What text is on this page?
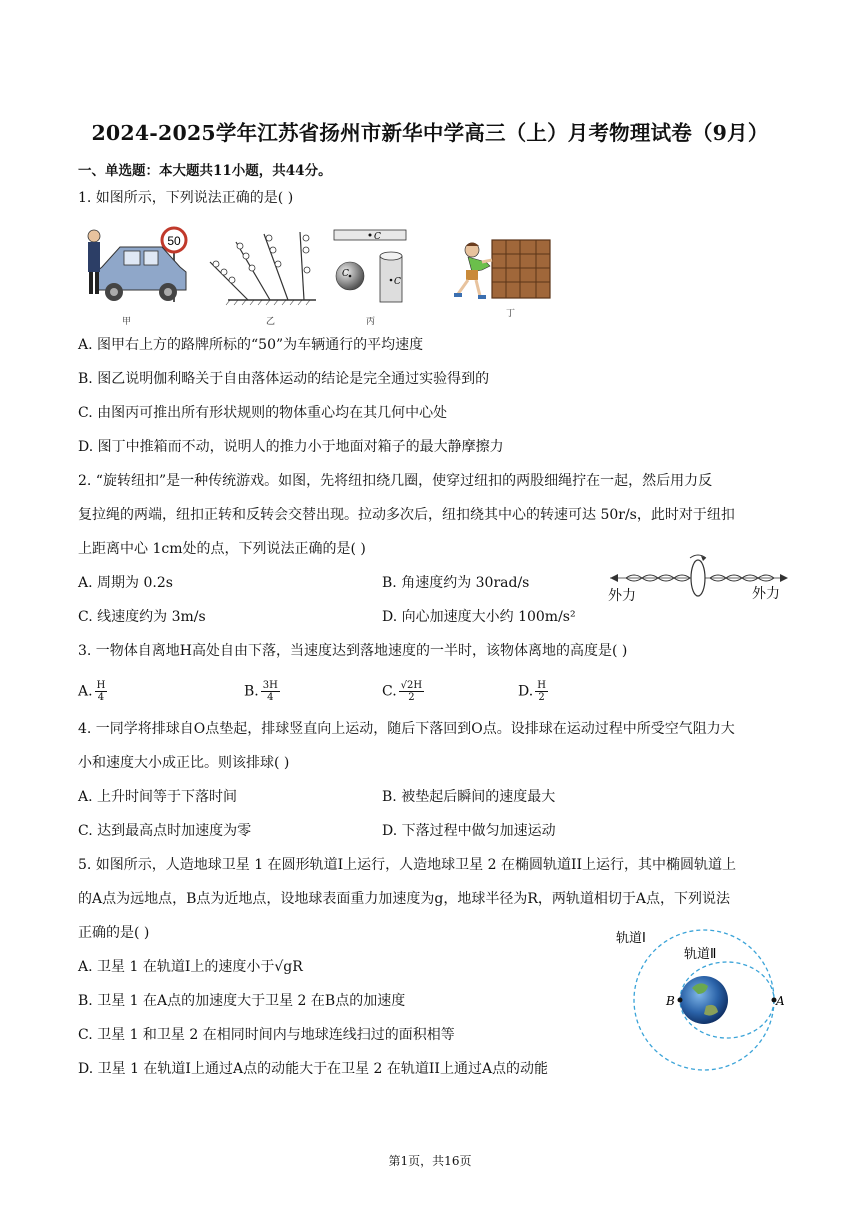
2024-2025学年江苏省扬州市新华中学高三（上）月考物理试卷（9月）
一、单选题：本大题共11小题，共44分。
1. 如图所示，下列说法正确的是( )
50
甲	乙
C
C
C
丙
丁
A. 图甲右上方的路牌所标的“50”为车辆通行的平均速度
B. 图乙说明伽利略关于自由落体运动的结论是完全通过实验得到的
C. 由图丙可推出所有形状规则的物体重心均在其几何中心处
D. 图丁中推箱而不动，说明人的推力小于地面对箱子的最大静摩擦力
2. “旋转纽扣”是一种传统游戏。如图，先将纽扣绕几圈，使穿过纽扣的两股细绳拧在一起，然后用力反
复拉绳的两端，纽扣正转和反转会交替出现。拉动多次后，纽扣绕其中心的转速可达 50r/s，此时对于纽扣
上距离中心 1cm处的点，下列说法正确的是( )
A. 周期为 0.2s	B. 角速度约为 30rad/s
C. 线速度约为 3m/s	D. 向心加速度大小约 100m/s²
外力	外力
3. 一物体自离地H高处自由下落，当速度达到落地速度的一半时，该物体离地的高度是( )
A. $\frac{H}{4}$	B. $\frac{3H}{4}$	C. $\frac{√2H}{2}$	D. $\frac{H}{2}$
4. 一同学将排球自O点垫起，排球竖直向上运动，随后下落回到O点。设排球在运动过程中所受空气阻力大
小和速度大小成正比。则该排球( )
A. 上升时间等于下落时间	B. 被垫起后瞬间的速度最大
C. 达到最高点时加速度为零	D. 下落过程中做匀加速运动
5. 如图所示，人造地球卫星 1 在圆形轨道I上运行，人造地球卫星 2 在椭圆轨道II上运行，其中椭圆轨道上
的A点为远地点，B点为近地点，设地球表面重力加速度为g，地球半径为R，两轨道相切于A点，下列说法
正确的是( )
A. 卫星 1 在轨道I上的速度小于√gR
B. 卫星 1 在A点的加速度大于卫星 2 在B点的加速度
C. 卫星 1 和卫星 2 在相同时间内与地球连线扫过的面积相等
D. 卫星 1 在轨道I上通过A点的动能大于在卫星 2 在轨道II上通过A点的动能
轨道Ⅰ
轨道Ⅱ
B	A
第1页，共16页
